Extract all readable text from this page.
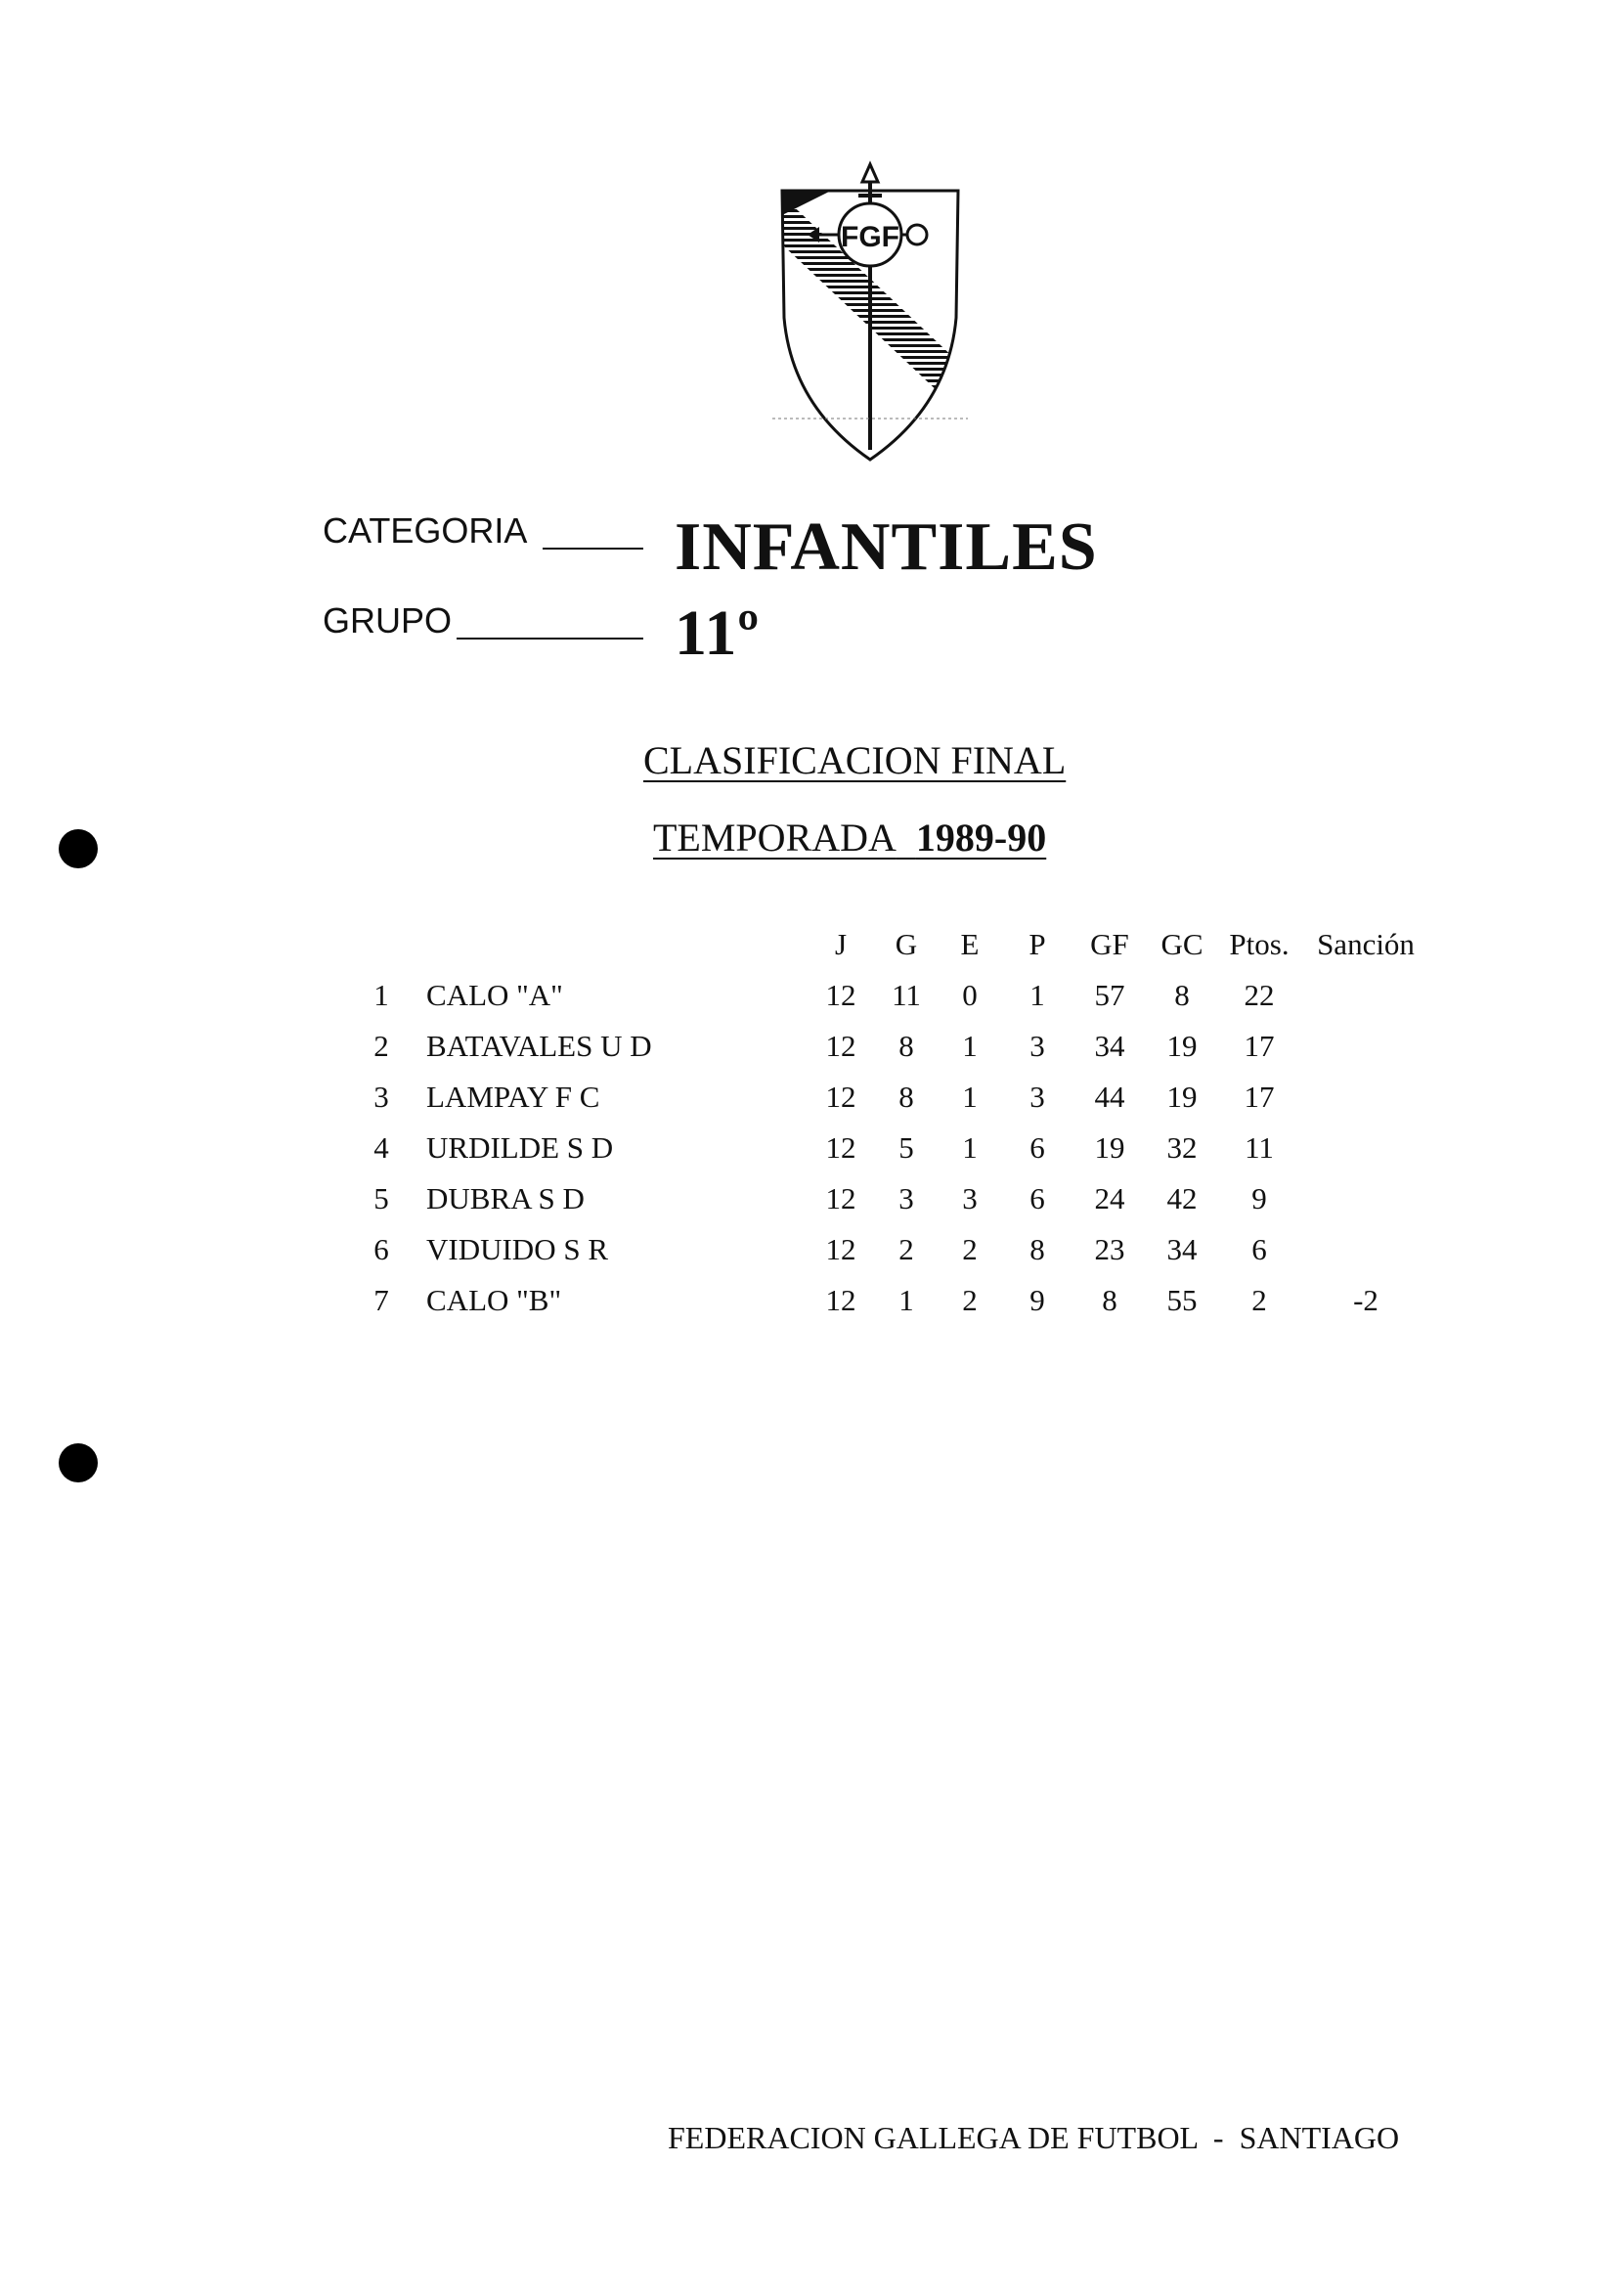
FGF
CATEGORIA INFANTILES
GRUPO	11º
CLASIFICACION FINAL
TEMPORADA 1989-90
		J	G	E	P	GF	GC	Ptos.	Sanción
1	CALO "A"	12	11	0	1	57	8	22	
2	BATAVALES U D	12	8	1	3	34	19	17	
3	LAMPAY F C	12	8	1	3	44	19	17	
4	URDILDE S D	12	5	1	6	19	32	11	
5	DUBRA S D	12	3	3	6	24	42	9	
6	VIDUIDO S R	12	2	2	8	23	34	6	
7	CALO "B"	12	1	2	9	8	55	2	-2
FEDERACION GALLEGA DE FUTBOL  -  SANTIAGO
